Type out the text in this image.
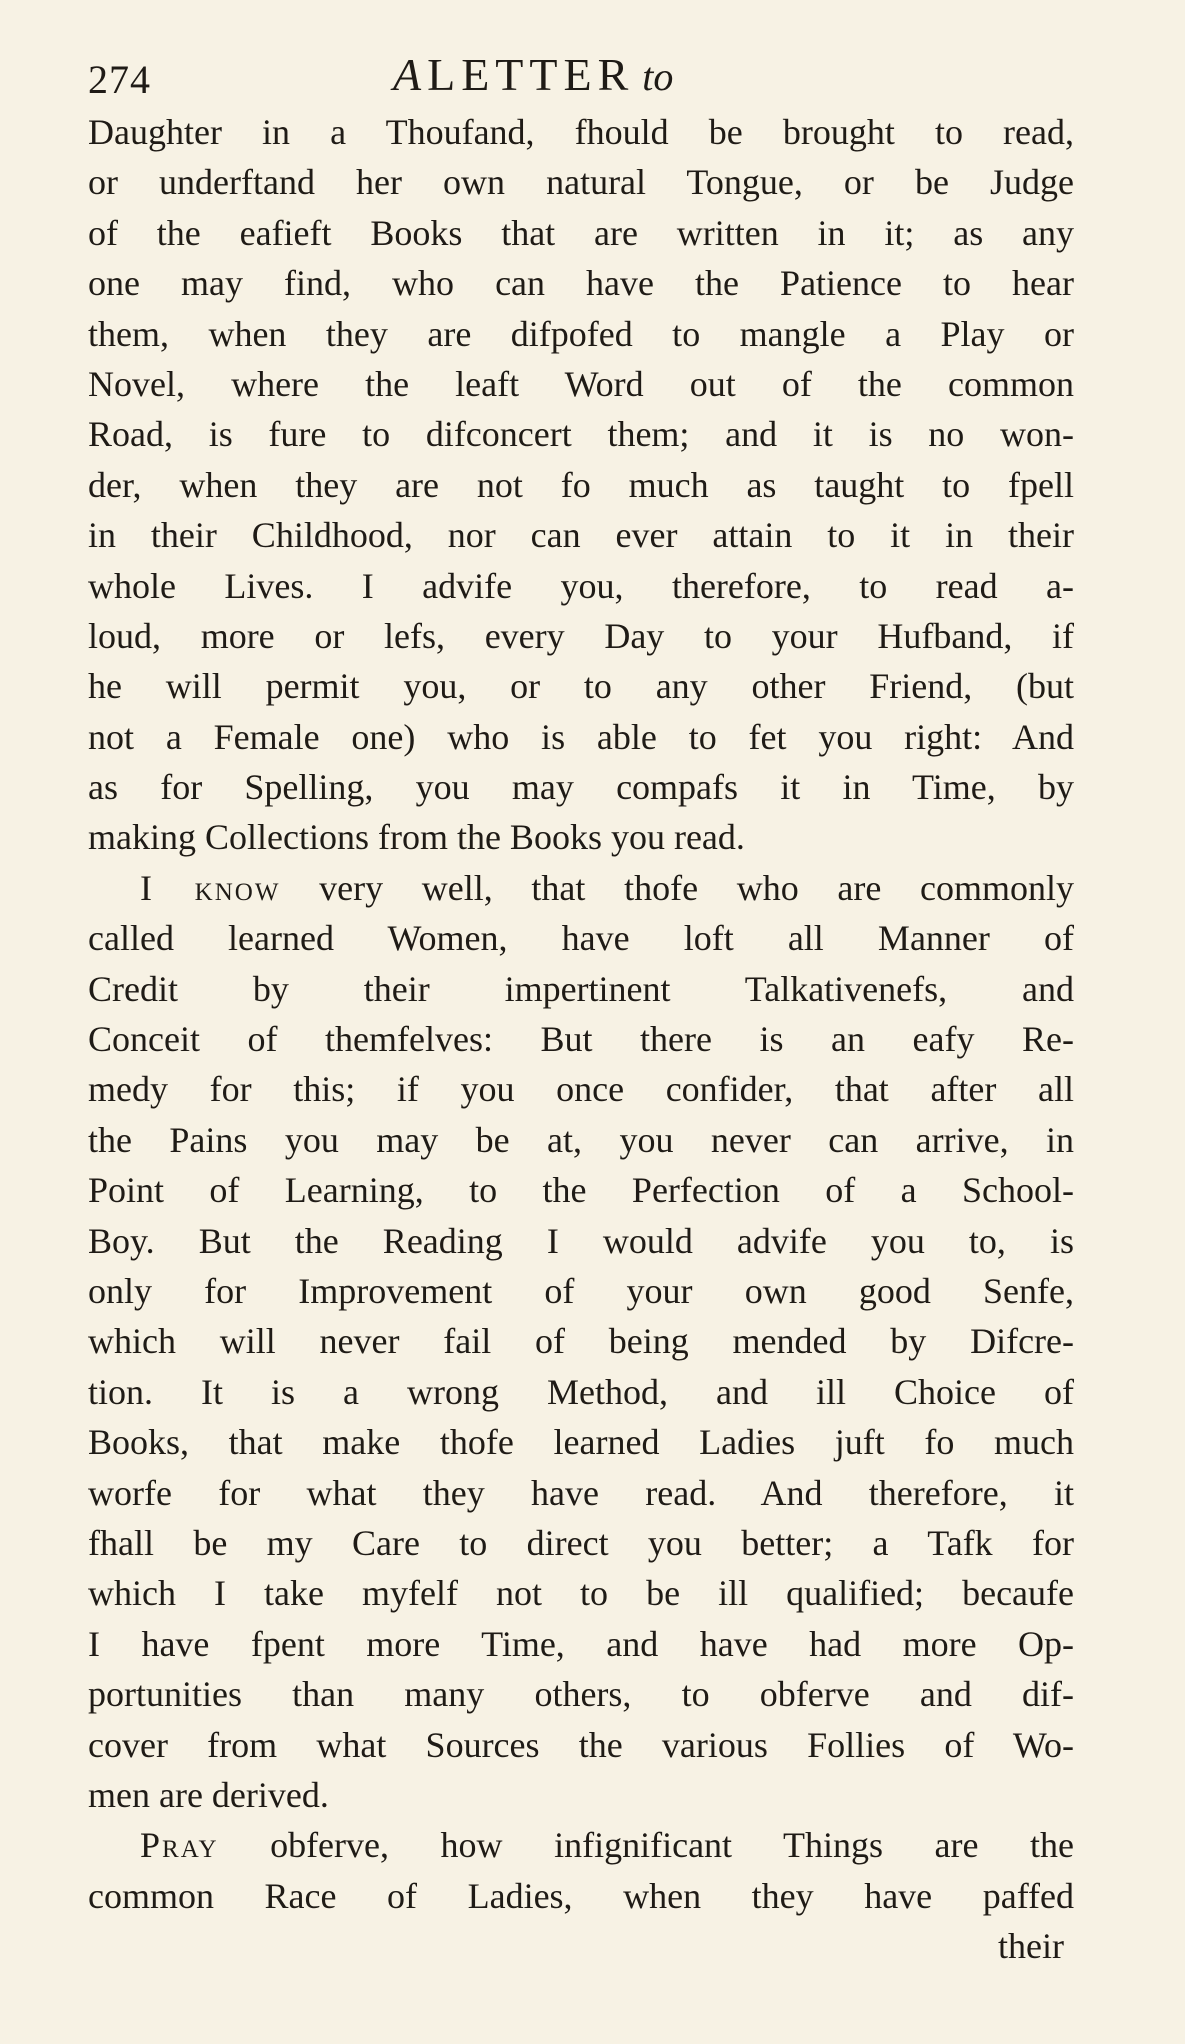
274	A LETTER to
Daughter in a Thoufand, fhould be brought to read,
or underftand her own natural Tongue, or be Judge
of the eafieft Books that are written in it; as any
one may find, who can have the Patience to hear
them, when they are difpofed to mangle a Play or
Novel, where the leaft Word out of the common
Road, is fure to difconcert them; and it is no won-
der, when they are not fo much as taught to fpell
in their Childhood, nor can ever attain to it in their
whole Lives. I advife you, therefore, to read a-
loud, more or lefs, every Day to your Hufband, if
he will permit you, or to any other Friend, (but
not a Female one) who is able to fet you right: And
as for Spelling, you may compafs it in Time, by
making Collections from the Books you read.
I know very well, that thofe who are commonly
called learned Women, have loft all Manner of
Credit by their impertinent Talkativenefs, and
Conceit of themfelves: But there is an eafy Re-
medy for this; if you once confider, that after all
the Pains you may be at, you never can arrive, in
Point of Learning, to the Perfection of a School-
Boy. But the Reading I would advife you to, is
only for Improvement of your own good Senfe,
which will never fail of being mended by Difcre-
tion. It is a wrong Method, and ill Choice of
Books, that make thofe learned Ladies juft fo much
worfe for what they have read. And therefore, it
fhall be my Care to direct you better; a Tafk for
which I take myfelf not to be ill qualified; becaufe
I have fpent more Time, and have had more Op-
portunities than many others, to obferve and dif-
cover from what Sources the various Follies of Wo-
men are derived.
Pray obferve, how infignificant Things are the
common Race of Ladies, when they have paffed
their
